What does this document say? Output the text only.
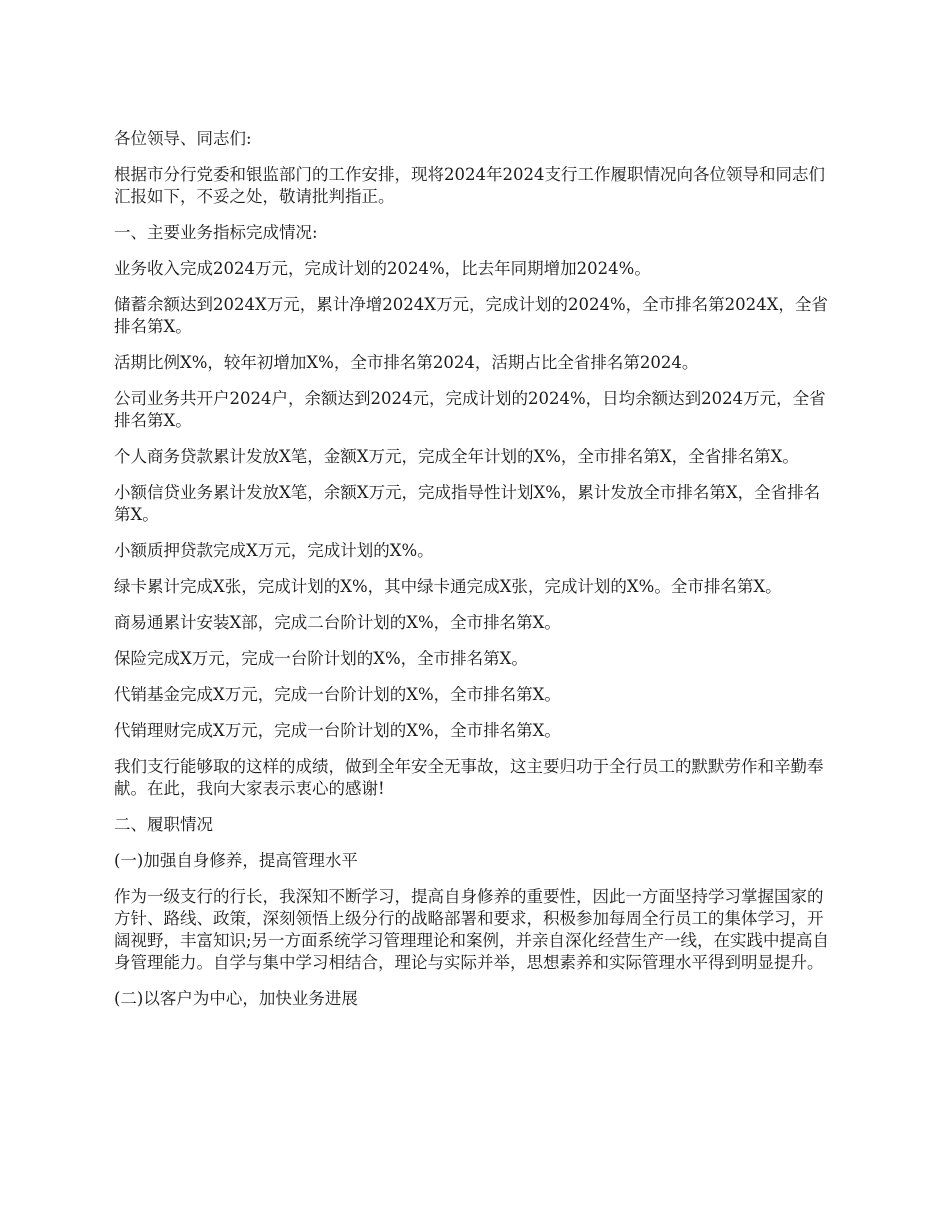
各位领导、同志们:

根据市分行党委和银监部门的工作安排，现将2024年2024支行工作履职情况向各位领导和同志们汇报如下，不妥之处，敬请批判指正。

一、主要业务指标完成情况:

业务收入完成2024万元，完成计划的2024%，比去年同期增加2024%。

储蓄余额达到2024X万元，累计净增2024X万元，完成计划的2024%，全市排名第2024X，全省排名第X。

活期比例X%，较年初增加X%，全市排名第2024，活期占比全省排名第2024。

公司业务共开户2024户，余额达到2024元，完成计划的2024%，日均余额达到2024万元，全省排名第X。

个人商务贷款累计发放X笔，金额X万元，完成全年计划的X%，全市排名第X，全省排名第X。

小额信贷业务累计发放X笔，余额X万元，完成指导性计划X%，累计发放全市排名第X，全省排名第X。

小额质押贷款完成X万元，完成计划的X%。

绿卡累计完成X张，完成计划的X%，其中绿卡通完成X张，完成计划的X%。全市排名第X。

商易通累计安装X部，完成二台阶计划的X%，全市排名第X。

保险完成X万元，完成一台阶计划的X%，全市排名第X。

代销基金完成X万元，完成一台阶计划的X%，全市排名第X。

代销理财完成X万元，完成一台阶计划的X%，全市排名第X。

我们支行能够取的这样的成绩，做到全年安全无事故，这主要归功于全行员工的默默劳作和辛勤奉献。在此，我向大家表示衷心的感谢!

二、履职情况

(一)加强自身修养，提高管理水平

作为一级支行的行长，我深知不断学习，提高自身修养的重要性，因此一方面坚持学习掌握国家的方针、路线、政策，深刻领悟上级分行的战略部署和要求，积极参加每周全行员工的集体学习，开阔视野，丰富知识;另一方面系统学习管理理论和案例，并亲自深化经营生产一线，在实践中提高自身管理能力。自学与集中学习相结合，理论与实际并举，思想素养和实际管理水平得到明显提升。

(二)以客户为中心，加快业务进展
